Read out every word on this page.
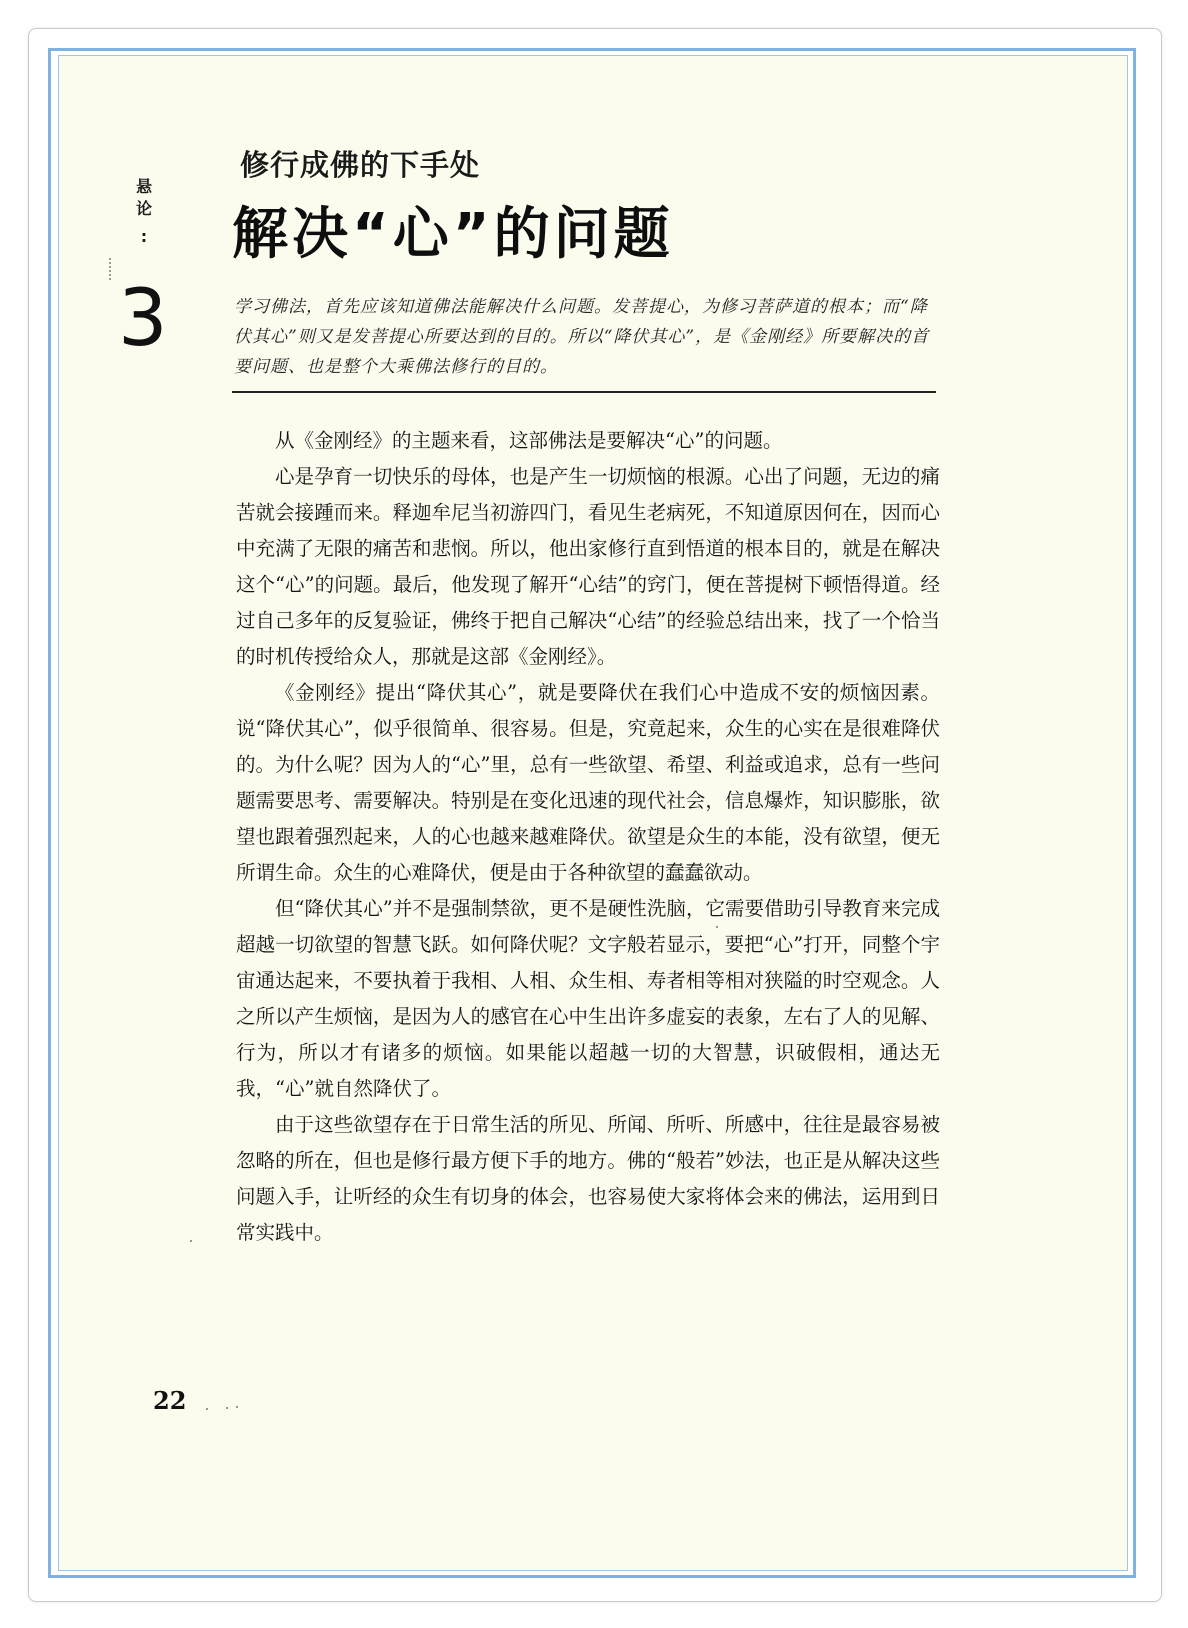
悬
论
:
3
修行成佛的下手处
解决“心”的问题
学习佛法，首先应该知道佛法能解决什么问题。发菩提心，为修习菩萨道的根本；而“降伏其心”则又是发菩提心所要达到的目的。所以“降伏其心”，是《金刚经》所要解决的首要问题、也是整个大乘佛法修行的目的。

从《金刚经》的主题来看，这部佛法是要解决“心”的问题。

心是孕育一切快乐的母体，也是产生一切烦恼的根源。心出了问题，无边的痛苦就会接踵而来。释迦牟尼当初游四门，看见生老病死，不知道原因何在，因而心中充满了无限的痛苦和悲悯。所以，他出家修行直到悟道的根本目的，就是在解决这个“心”的问题。最后，他发现了解开“心结”的窍门，便在菩提树下顿悟得道。经过自己多年的反复验证，佛终于把自己解决“心结”的经验总结出来，找了一个恰当的时机传授给众人，那就是这部《金刚经》。

《金刚经》提出“降伏其心”，就是要降伏在我们心中造成不安的烦恼因素。说“降伏其心”，似乎很简单、很容易。但是，究竟起来，众生的心实在是很难降伏的。为什么呢？因为人的“心”里，总有一些欲望、希望、利益或追求，总有一些问题需要思考、需要解决。特别是在变化迅速的现代社会，信息爆炸，知识膨胀，欲望也跟着强烈起来，人的心也越来越难降伏。欲望是众生的本能，没有欲望，便无所谓生命。众生的心难降伏，便是由于各种欲望的蠢蠢欲动。

但“降伏其心”并不是强制禁欲，更不是硬性洗脑，它需要借助引导教育来完成超越一切欲望的智慧飞跃。如何降伏呢？文字般若显示，要把“心”打开，同整个宇宙通达起来，不要执着于我相、人相、众生相、寿者相等相对狭隘的时空观念。人之所以产生烦恼，是因为人的感官在心中生出许多虚妄的表象，左右了人的见解、行为，所以才有诸多的烦恼。如果能以超越一切的大智慧，识破假相，通达无我，“心”就自然降伏了。

由于这些欲望存在于日常生活的所见、所闻、所听、所感中，往往是最容易被忽略的所在，但也是修行最方便下手的地方。佛的“般若”妙法，也正是从解决这些问题入手，让听经的众生有切身的体会，也容易使大家将体会来的佛法，运用到日常实践中。

22
